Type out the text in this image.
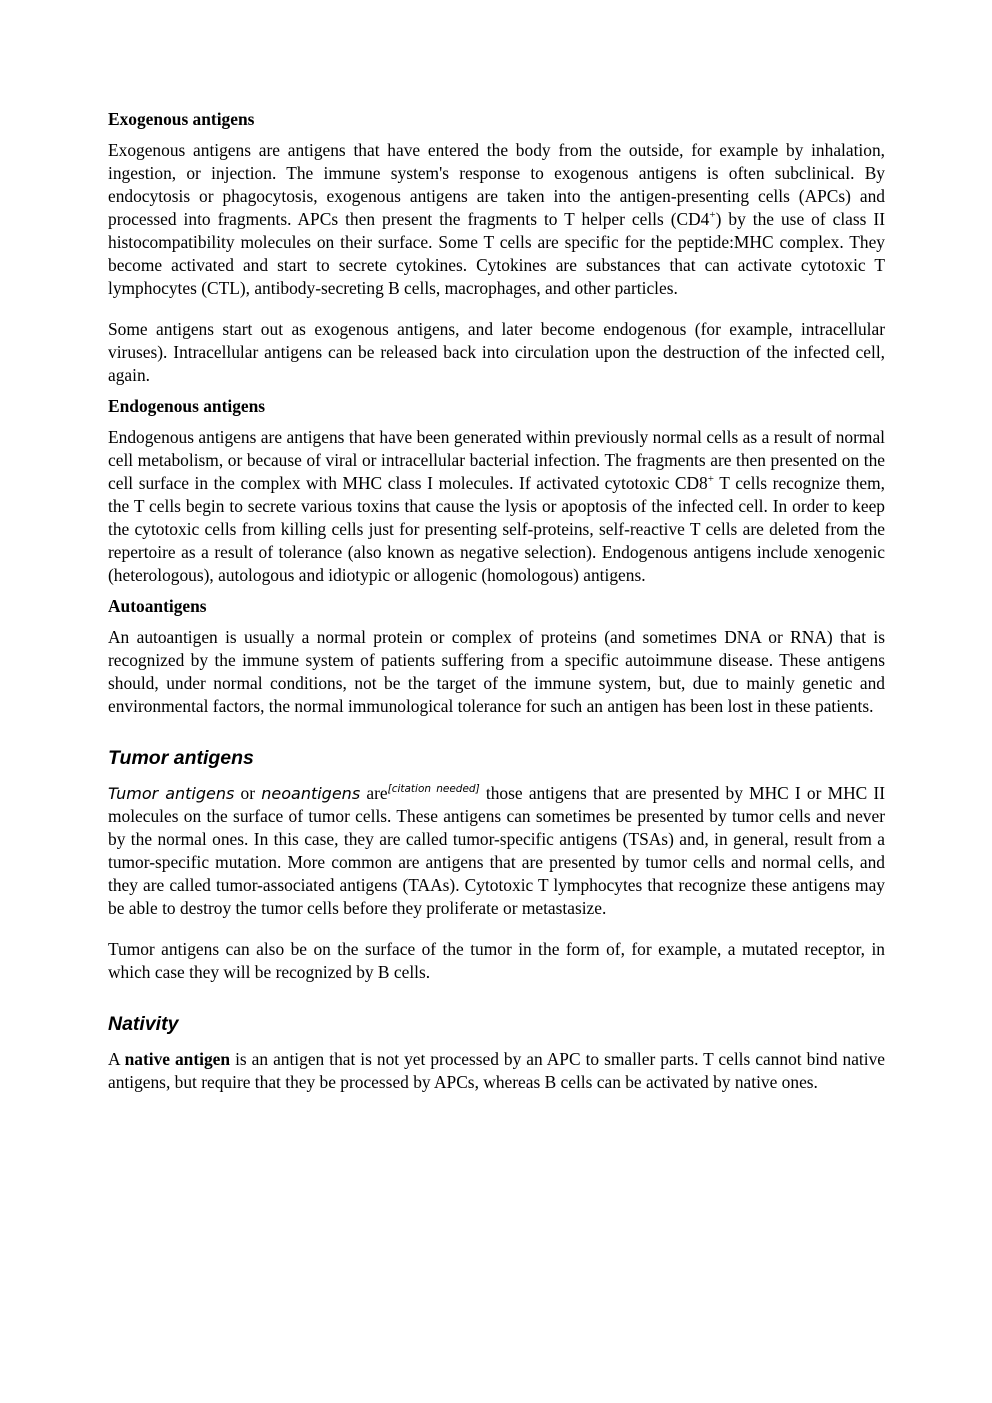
Exogenous antigens

Exogenous antigens are antigens that have entered the body from the outside, for example by inhalation, ingestion, or injection. The immune system's response to exogenous antigens is often subclinical. By endocytosis or phagocytosis, exogenous antigens are taken into the antigen-presenting cells (APCs) and processed into fragments. APCs then present the fragments to T helper cells (CD4+) by the use of class II histocompatibility molecules on their surface. Some T cells are specific for the peptide:MHC complex. They become activated and start to secrete cytokines. Cytokines are substances that can activate cytotoxic T lymphocytes (CTL), antibody-secreting B cells, macrophages, and other particles.

Some antigens start out as exogenous antigens, and later become endogenous (for example, intracellular viruses). Intracellular antigens can be released back into circulation upon the destruction of the infected cell, again.

Endogenous antigens

Endogenous antigens are antigens that have been generated within previously normal cells as a result of normal cell metabolism, or because of viral or intracellular bacterial infection. The fragments are then presented on the cell surface in the complex with MHC class I molecules. If activated cytotoxic CD8+ T cells recognize them, the T cells begin to secrete various toxins that cause the lysis or apoptosis of the infected cell. In order to keep the cytotoxic cells from killing cells just for presenting self-proteins, self-reactive T cells are deleted from the repertoire as a result of tolerance (also known as negative selection). Endogenous antigens include xenogenic (heterologous), autologous and idiotypic or allogenic (homologous) antigens.

Autoantigens

An autoantigen is usually a normal protein or complex of proteins (and sometimes DNA or RNA) that is recognized by the immune system of patients suffering from a specific autoimmune disease. These antigens should, under normal conditions, not be the target of the immune system, but, due to mainly genetic and environmental factors, the normal immunological tolerance for such an antigen has been lost in these patients.

Tumor antigens

Tumor antigens or neoantigens are[citation needed] those antigens that are presented by MHC I or MHC II molecules on the surface of tumor cells. These antigens can sometimes be presented by tumor cells and never by the normal ones. In this case, they are called tumor-specific antigens (TSAs) and, in general, result from a tumor-specific mutation. More common are antigens that are presented by tumor cells and normal cells, and they are called tumor-associated antigens (TAAs). Cytotoxic T lymphocytes that recognize these antigens may be able to destroy the tumor cells before they proliferate or metastasize.

Tumor antigens can also be on the surface of the tumor in the form of, for example, a mutated receptor, in which case they will be recognized by B cells.

Nativity

A native antigen is an antigen that is not yet processed by an APC to smaller parts. T cells cannot bind native antigens, but require that they be processed by APCs, whereas B cells can be activated by native ones.
